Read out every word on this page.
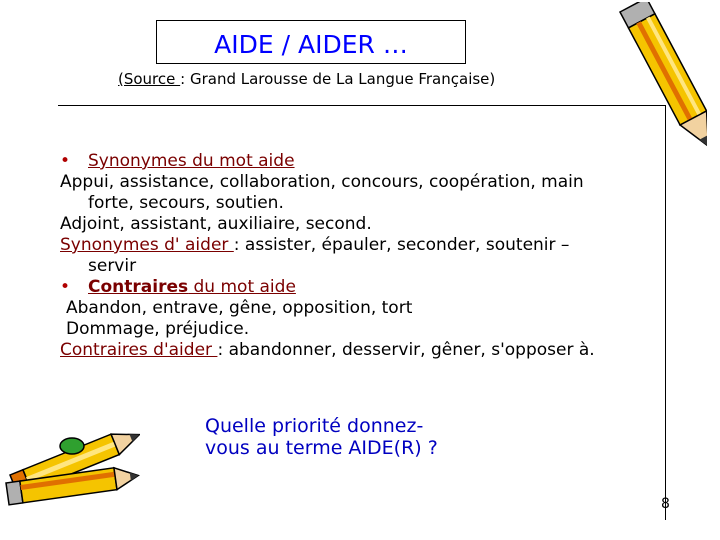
AIDE / AIDER …
(Source : Grand Larousse de La Langue Française)

• Synonymes du mot aide

Appui, assistance, collaboration, concours, coopération, main

forte, secours, soutien.

Adjoint, assistant, auxiliaire, second.

Synonymes d' aider : assister, épauler, seconder, soutenir –

servir

• Contraires du mot aide

Abandon, entrave, gêne, opposition, tort

Dommage, préjudice.

Contraires d'aider : abandonner, desservir, gêner, s'opposer à.

Quelle priorité donnez-
vous au terme AIDE(R) ?
8
